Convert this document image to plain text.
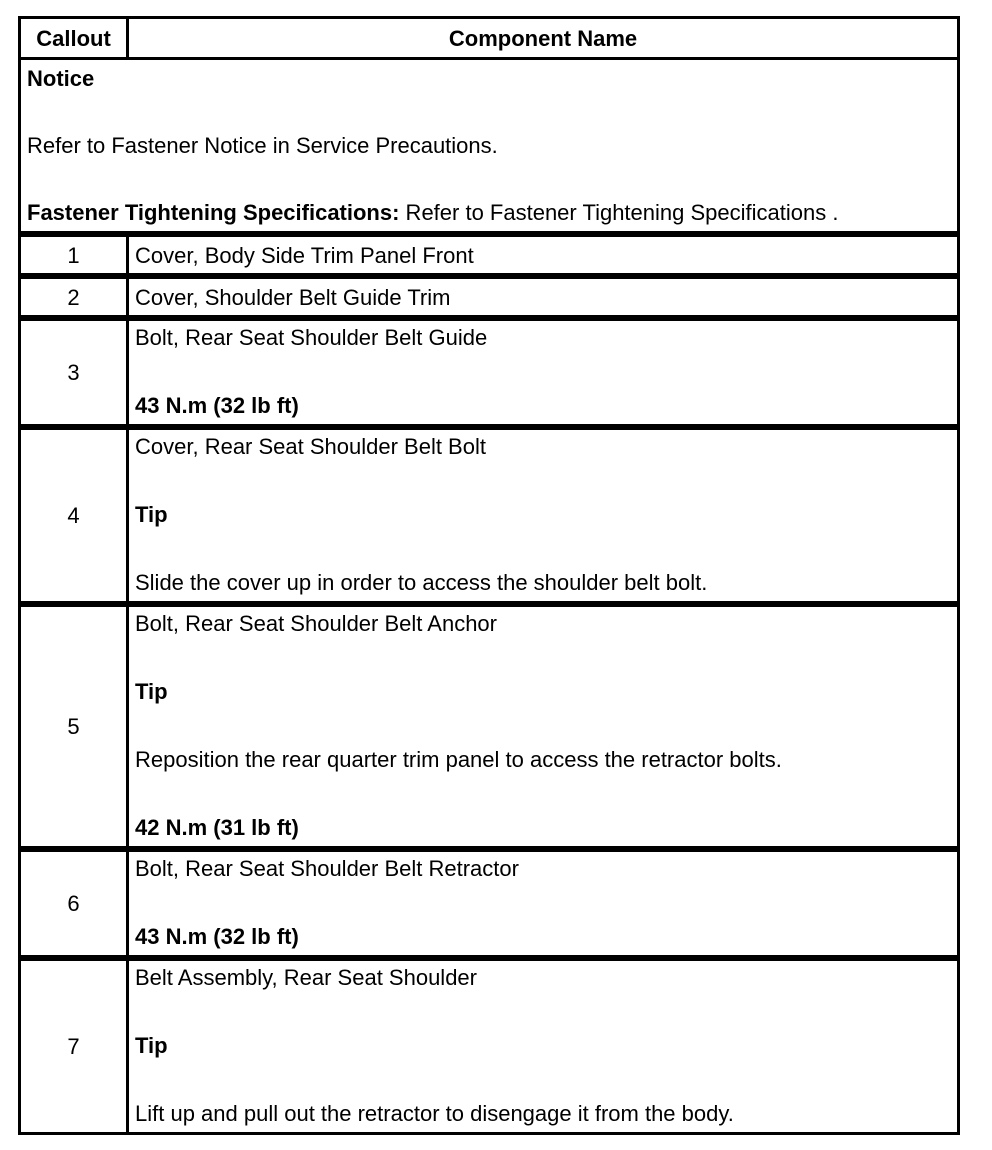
Callout	Component Name

Notice

Refer to Fastener Notice in Service Precautions.

Fastener Tightening Specifications: Refer to Fastener Tightening Specifications .	

1	Cover, Body Side Trim Panel Front

2	Cover, Shoulder Belt Guide Trim

3	Bolt, Rear Seat Shoulder Belt Guide

43 N.m (32 lb ft)

4	Cover, Rear Seat Shoulder Belt Bolt

Tip

Slide the cover up in order to access the shoulder belt bolt.

5	Bolt, Rear Seat Shoulder Belt Anchor

Tip

Reposition the rear quarter trim panel to access the retractor bolts.

42 N.m (31 lb ft)

6	Bolt, Rear Seat Shoulder Belt Retractor

43 N.m (32 lb ft)

7	Belt Assembly, Rear Seat Shoulder

Tip

Lift up and pull out the retractor to disengage it from the body.
